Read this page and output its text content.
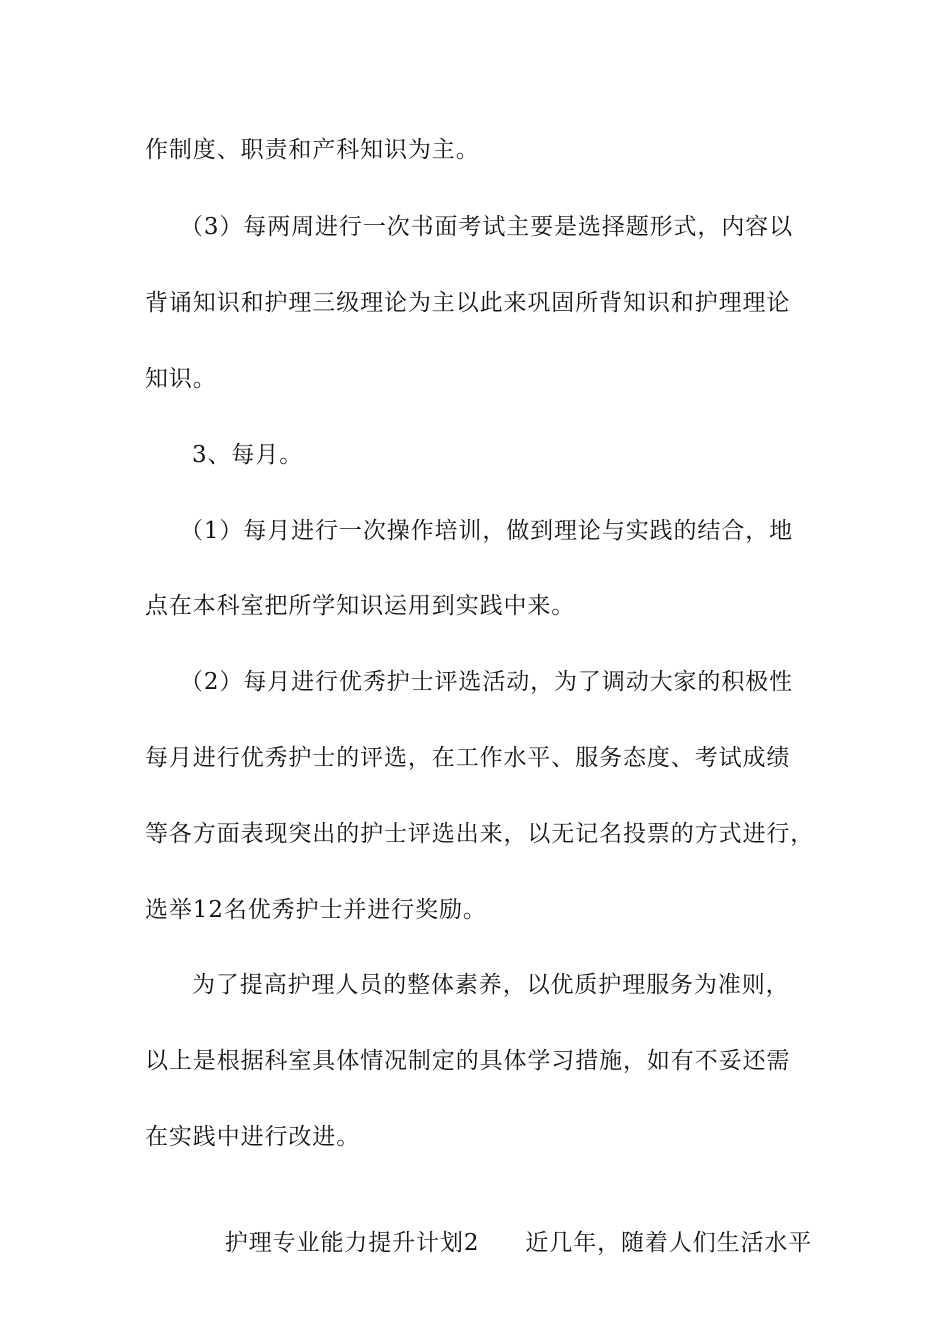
作制度、职责和产科知识为主。
（3）每两周进行一次书面考试主要是选择题形式，内容以
背诵知识和护理三级理论为主以此来巩固所背知识和护理理论
知识。
3、每月。
（1）每月进行一次操作培训，做到理论与实践的结合，地
点在本科室把所学知识运用到实践中来。
（2）每月进行优秀护士评选活动，为了调动大家的积极性
每月进行优秀护士的评选，在工作水平、服务态度、考试成绩
等各方面表现突出的护士评选出来，以无记名投票的方式进行，
选举12名优秀护士并进行奖励。
为了提高护理人员的整体素养，以优质护理服务为准则，
以上是根据科室具体情况制定的具体学习措施，如有不妥还需
在实践中进行改进。

护理专业能力提升计划2 近几年，随着人们生活水平
